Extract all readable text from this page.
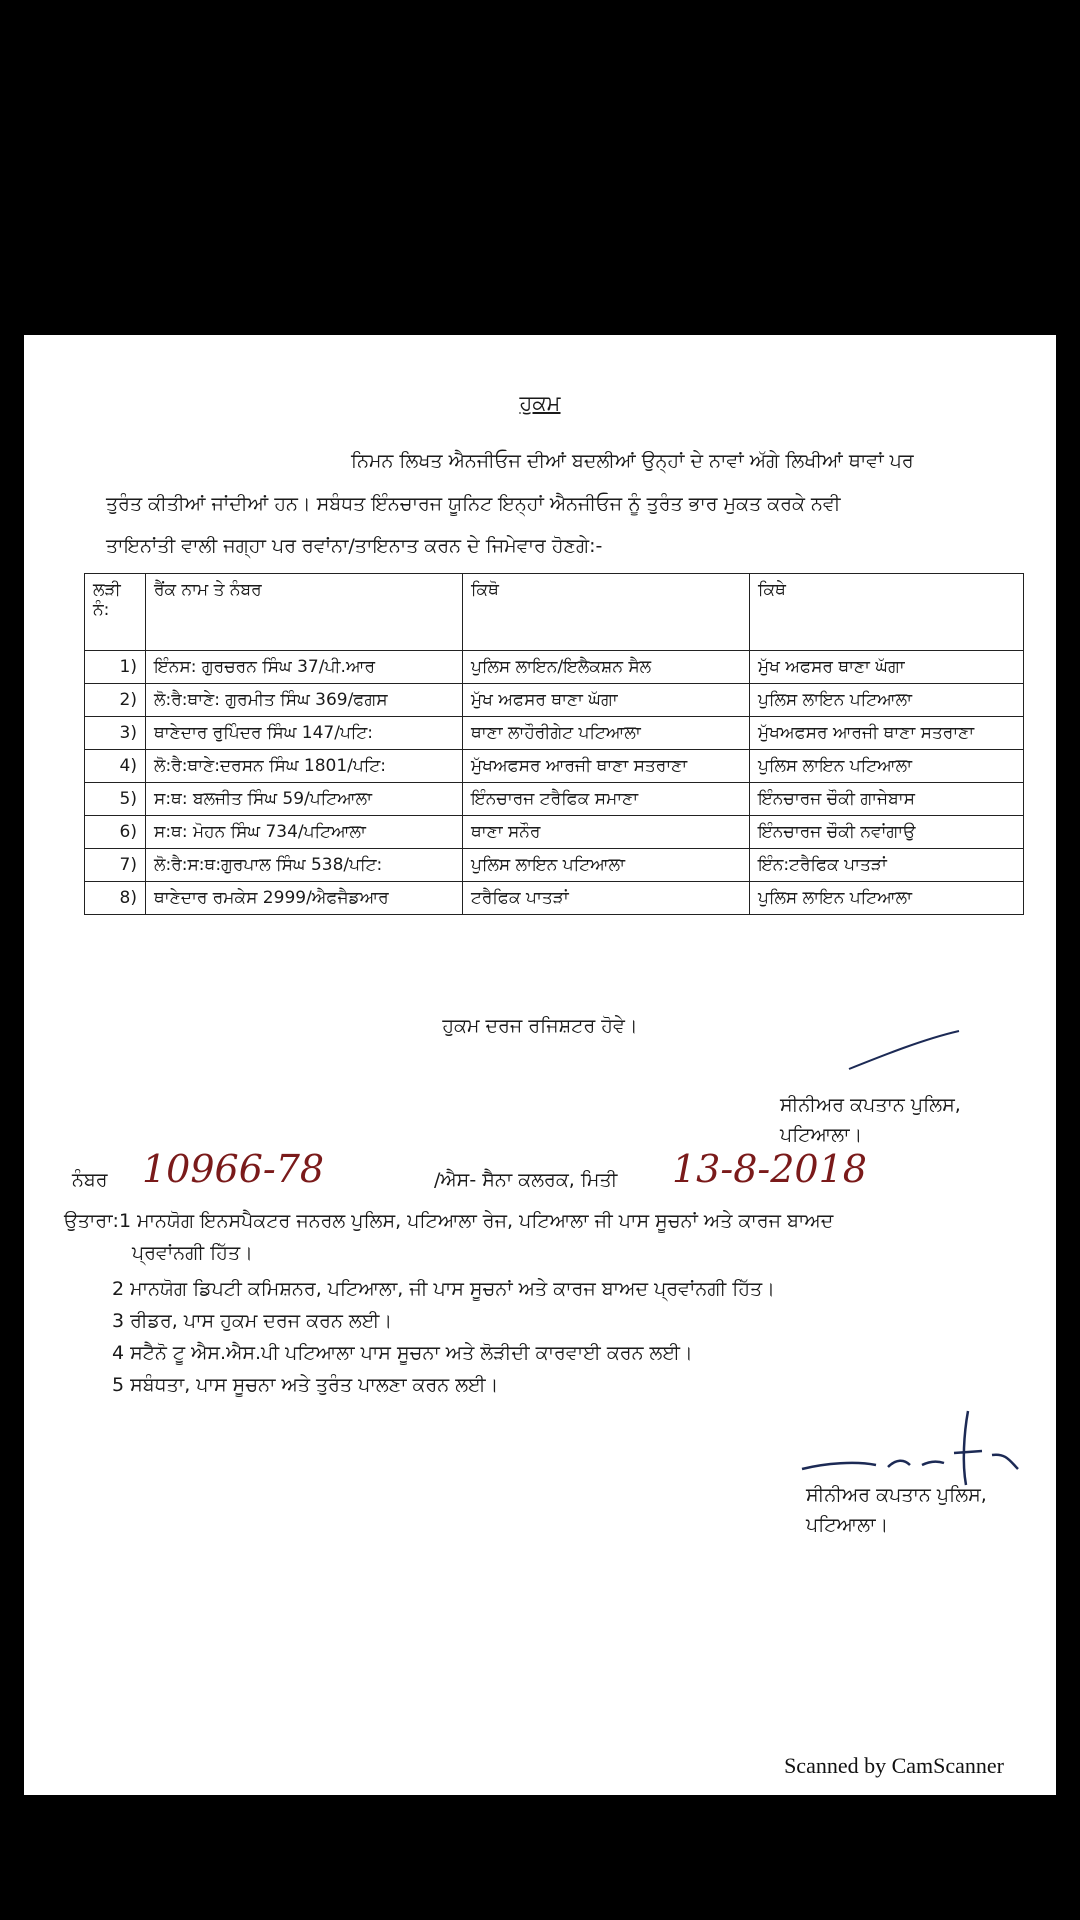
ਹੁਕਮ
ਨਿਮਨ ਲਿਖਤ ਐਨਜੀਓਜ ਦੀਆਂ ਬਦਲੀਆਂ ਉਨ੍ਹਾਂ ਦੇ ਨਾਵਾਂ ਅੱਗੇ ਲਿਖੀਆਂ ਥਾਵਾਂ ਪਰ
ਤੁਰੰਤ ਕੀਤੀਆਂ ਜਾਂਦੀਆਂ ਹਨ। ਸਬੰਧਤ ਇੰਨਚਾਰਜ ਯੂਨਿਟ ਇਨ੍ਹਾਂ ਐਨਜੀਓਜ ਨੂੰ ਤੁਰੰਤ ਭਾਰ ਮੁਕਤ ਕਰਕੇ ਨਵੀ
ਤਾਇਨਾਂਤੀ ਵਾਲੀ ਜਗ੍ਹਾ ਪਰ ਰਵਾਂਨਾ/ਤਾਇਨਾਤ ਕਰਨ ਦੇ ਜਿਮੇਵਾਰ ਹੋਣਗੇ:-
ਲੜੀ
ਨੰ:	ਰੈਂਕ ਨਾਮ ਤੇ ਨੰਬਰ	ਕਿਥੋ	ਕਿਥੇ
1)	ਇੰਨਸ: ਗੁਰਚਰਨ ਸਿੰਘ 37/ਪੀ.ਆਰ	ਪੁਲਿਸ ਲਾਇਨ/ਇਲੈਕਸ਼ਨ ਸੈਲ	ਮੁੱਖ ਅਫਸਰ ਥਾਣਾ ਘੱਗਾ
2)	ਲੋ:ਰੈ:ਥਾਣੇ: ਗੁਰਮੀਤ ਸਿੰਘ 369/ਫਗਸ	ਮੁੱਖ ਅਫਸਰ ਥਾਣਾ ਘੱਗਾ	ਪੁਲਿਸ ਲਾਇਨ ਪਟਿਆਲਾ
3)	ਥਾਣੇਦਾਰ ਰੁਪਿੰਦਰ ਸਿੰਘ 147/ਪਟਿ:	ਥਾਣਾ ਲਾਹੌਰੀਗੇਟ ਪਟਿਆਲਾ	ਮੁੱਖਅਫਸਰ ਆਰਜੀ ਥਾਣਾ ਸਤਰਾਣਾ
4)	ਲੋ:ਰੈ:ਥਾਣੇ:ਦਰਸਨ ਸਿੰਘ 1801/ਪਟਿ:	ਮੁੱਖਅਫਸਰ ਆਰਜੀ ਥਾਣਾ ਸਤਰਾਣਾ	ਪੁਲਿਸ ਲਾਇਨ ਪਟਿਆਲਾ
5)	ਸ:ਥ: ਬਲਜੀਤ ਸਿੰਘ 59/ਪਟਿਆਲਾ	ਇੰਨਚਾਰਜ ਟਰੈਫਿਕ ਸਮਾਣਾ	ਇੰਨਚਾਰਜ ਚੌਕੀ ਗਾਜੇਬਾਸ
6)	ਸ:ਥ: ਮੋਹਨ ਸਿੰਘ 734/ਪਟਿਆਲਾ	ਥਾਣਾ ਸਨੌਰ	ਇੰਨਚਾਰਜ ਚੌਕੀ ਨਵਾਂਗਾਉ
7)	ਲੋ:ਰੈ:ਸ:ਥ:ਗੁਰਪਾਲ ਸਿੰਘ 538/ਪਟਿ:	ਪੁਲਿਸ ਲਾਇਨ ਪਟਿਆਲਾ	ਇੰਨ:ਟਰੈਫਿਕ ਪਾਤੜਾਂ
8)	ਥਾਣੇਦਾਰ ਰਮਕੇਸ 2999/ਐਫਜੈਡਆਰ	ਟਰੈਫਿਕ ਪਾਤੜਾਂ	ਪੁਲਿਸ ਲਾਇਨ ਪਟਿਆਲਾ
ਹੁਕਮ ਦਰਜ ਰਜਿਸ਼ਟਰ ਹੋਵੇ।
ਸੀਨੀਅਰ ਕਪਤਾਨ ਪੁਲਿਸ,
ਪਟਿਆਲਾ।
ਨੰਬਰ 10966-78	/ਐਸ- ਸੈਨਾ ਕਲਰਕ, ਮਿਤੀ 13-8-2018
ਉਤਾਰਾ:1 ਮਾਨਯੋਗ ਇਨਸਪੈਕਟਰ ਜਨਰਲ ਪੁਲਿਸ, ਪਟਿਆਲਾ ਰੇਜ, ਪਟਿਆਲਾ ਜੀ ਪਾਸ ਸੂਚਨਾਂ ਅਤੇ ਕਾਰਜ ਬਾਅਦ
ਪ੍ਰਵਾਂਨਗੀ ਹਿੱਤ।
2 ਮਾਨਯੋਗ ਡਿਪਟੀ ਕਮਿਸ਼ਨਰ, ਪਟਿਆਲਾ, ਜੀ ਪਾਸ ਸੂਚਨਾਂ ਅਤੇ ਕਾਰਜ ਬਾਅਦ ਪ੍ਰਵਾਂਨਗੀ ਹਿੱਤ।
3 ਰੀਡਰ, ਪਾਸ ਹੁਕਮ ਦਰਜ ਕਰਨ ਲਈ।
4 ਸਟੈਨੋ ਟੂ ਐਸ.ਐਸ.ਪੀ ਪਟਿਆਲਾ ਪਾਸ ਸੂਚਨਾ ਅਤੇ ਲੋੜੀਦੀ ਕਾਰਵਾਈ ਕਰਨ ਲਈ।
5 ਸਬੰਧਤਾ, ਪਾਸ ਸੂਚਨਾ ਅਤੇ ਤੁਰੰਤ ਪਾਲਣਾ ਕਰਨ ਲਈ।
ਸੀਨੀਅਰ ਕਪਤਾਨ ਪੁਲਿਸ,
ਪਟਿਆਲਾ।
Scanned by CamScanner
